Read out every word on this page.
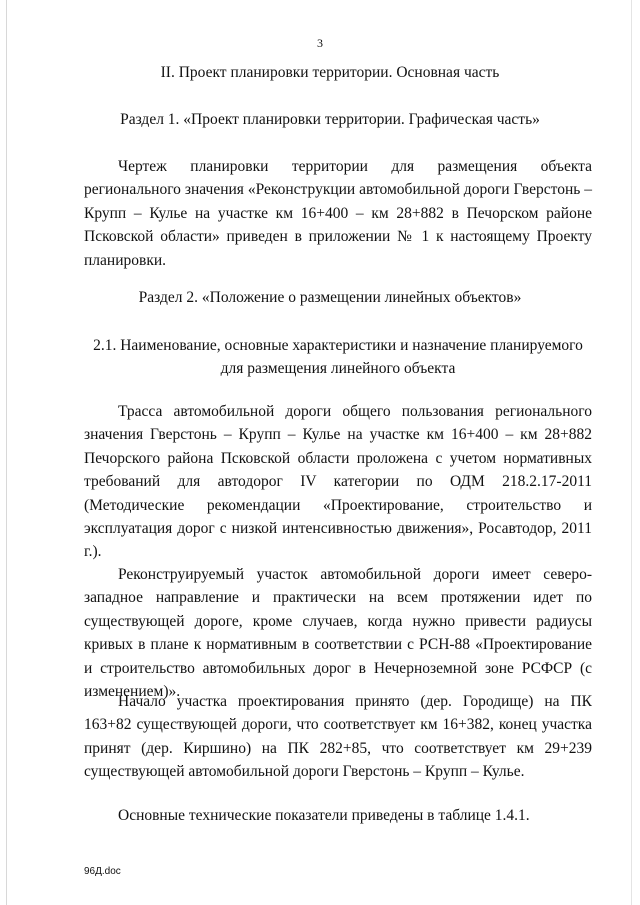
3
II. Проект планировки территории. Основная часть
Раздел 1. «Проект планировки территории. Графическая часть»
Чертеж планировки территории для размещения объекта регионального значения «Реконструкции автомобильной дороги Гверстонь – Крупп – Кулье на участке км 16+400 – км 28+882 в Печорском районе Псковской области» приведен в приложении № 1 к настоящему Проекту планировки.
Раздел 2. «Положение о размещении линейных объектов»
2.1. Наименование, основные характеристики и назначение планируемого для размещения линейного объекта
Трасса автомобильной дороги общего пользования регионального значения Гверстонь – Крупп – Кулье на участке км 16+400 – км 28+882 Печорского района Псковской области проложена с учетом нормативных требований для автодорог IV категории по ОДМ 218.2.17-2011 (Методические рекомендации «Проектирование, строительство и эксплуатация дорог с низкой интенсивностью движения», Росавтодор, 2011 г.).
Реконструируемый участок автомобильной дороги имеет северо-западное направление и практически на всем протяжении идет по существующей дороге, кроме случаев, когда нужно привести радиусы кривых в плане к нормативным в соответствии с РСН-88 «Проектирование и строительство автомобильных дорог в Нечерноземной зоне РСФСР (с изменением)».
Начало участка проектирования принято (дер. Городище) на ПК 163+82 существующей дороги, что соответствует км 16+382, конец участка принят (дер. Киршино) на ПК 282+85, что соответствует км 29+239 существующей автомобильной дороги Гверстонь – Крупп – Кулье.
Основные технические показатели приведены в таблице 1.4.1.
96Д.doc
